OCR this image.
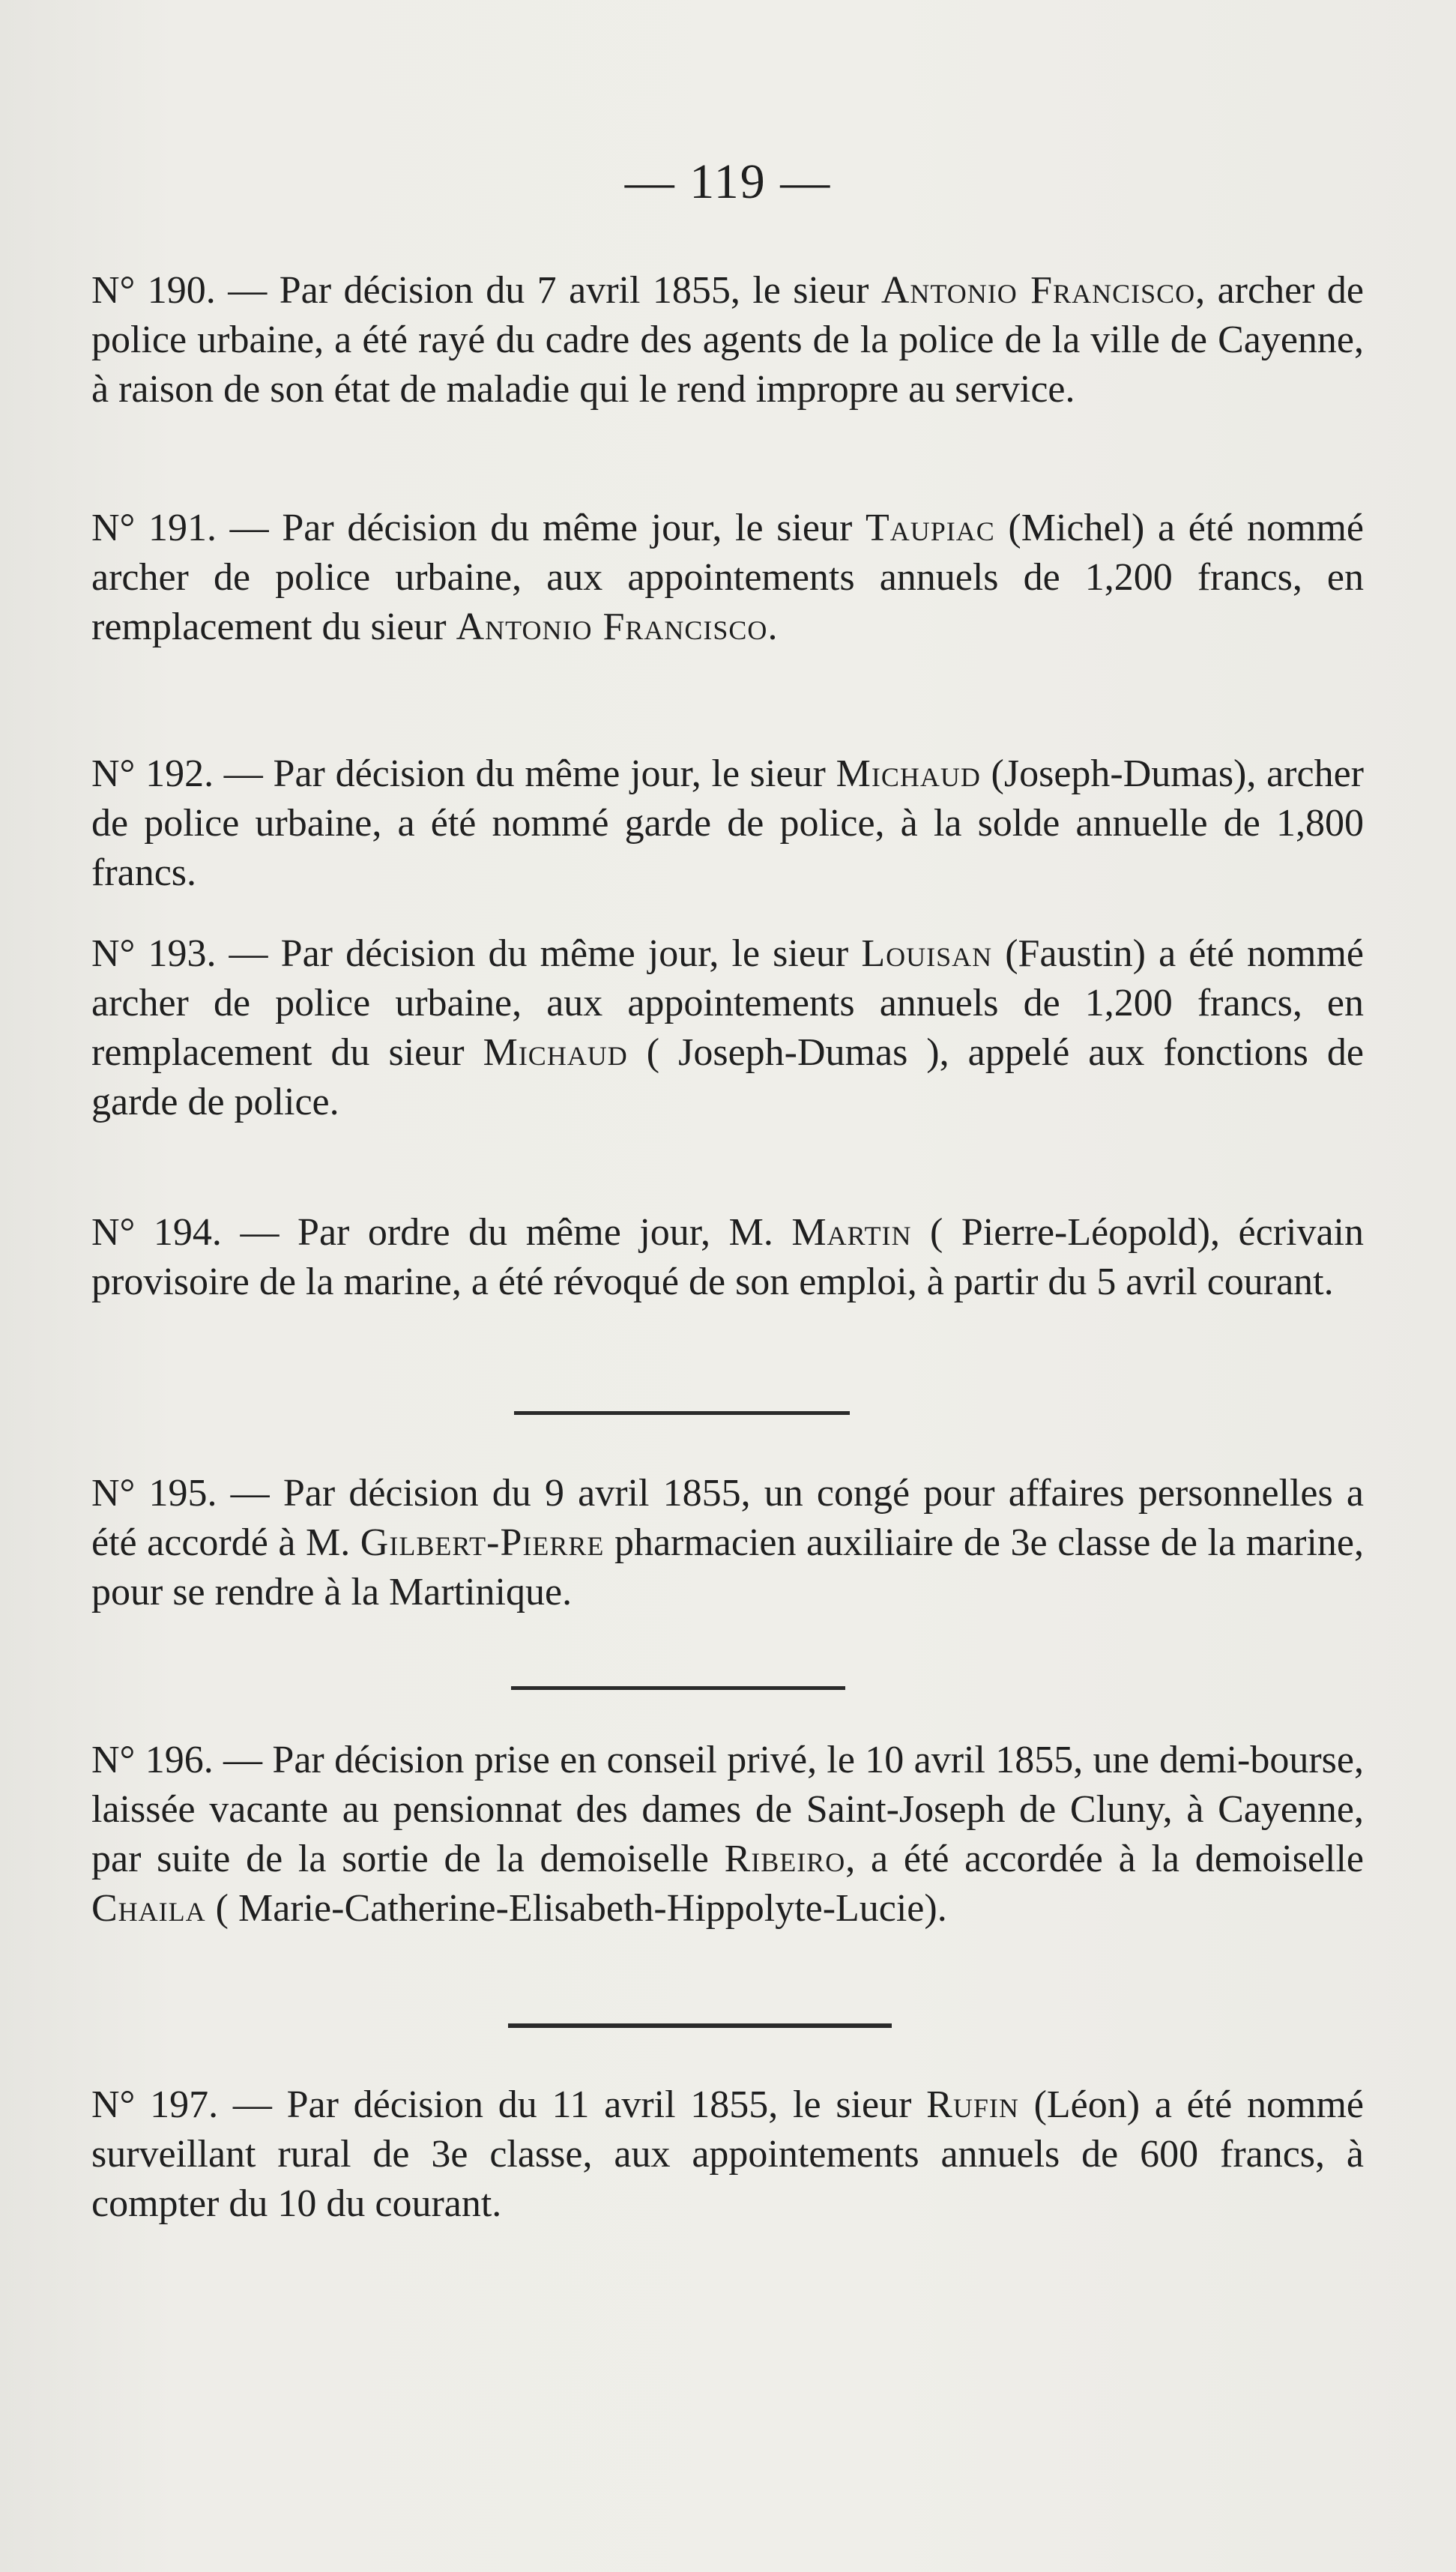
— 119 —

N° 190. — Par décision du 7 avril 1855, le sieur Antonio Francisco, archer de police urbaine, a été rayé du cadre des agents de la police de la ville de Cayenne, à raison de son état de maladie qui le rend impropre au service.

N° 191. — Par décision du même jour, le sieur Taupiac (Michel) a été nommé archer de police urbaine, aux appointements annuels de 1,200 francs, en remplacement du sieur Antonio Francisco.

N° 192. — Par décision du même jour, le sieur Michaud (Joseph-Dumas), archer de police urbaine, a été nommé garde de police, à la solde annuelle de 1,800 francs.

N° 193. — Par décision du même jour, le sieur Louisan (Faustin) a été nommé archer de police urbaine, aux appointements annuels de 1,200 francs, en remplacement du sieur Michaud ( Joseph-Dumas ), appelé aux fonctions de garde de police.

N° 194. — Par ordre du même jour, M. Martin ( Pierre-Léopold), écrivain provisoire de la marine, a été révoqué de son emploi, à partir du 5 avril courant.

N° 195. — Par décision du 9 avril 1855, un congé pour affaires personnelles a été accordé à M. Gilbert-Pierre pharmacien auxiliaire de 3e classe de la marine, pour se rendre à la Martinique.

N° 196. — Par décision prise en conseil privé, le 10 avril 1855, une demi-bourse, laissée vacante au pensionnat des dames de Saint-Joseph de Cluny, à Cayenne, par suite de la sortie de la demoiselle Ribeiro, a été accordée à la demoiselle Chaila ( Marie-Catherine-Elisabeth-Hippolyte-Lucie).

N° 197. — Par décision du 11 avril 1855, le sieur Rufin (Léon) a été nommé surveillant rural de 3e classe, aux appointements annuels de 600 francs, à compter du 10 du courant.
